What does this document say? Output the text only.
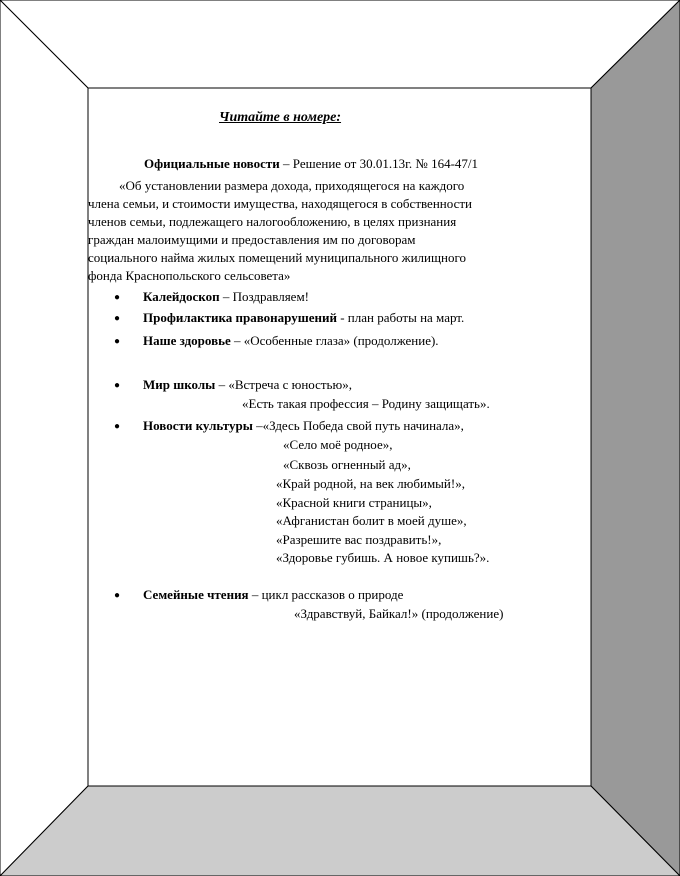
Читайте в номере:
Официальные новости – Решение от 30.01.13г. № 164-47/1
«Об установлении размера дохода, приходящегося на каждого
члена семьи, и стоимости имущества, находящегося в собственности
членов семьи, подлежащего налогообложению, в целях признания
граждан малоимущими и предоставления им по договорам
социального найма жилых помещений муниципального жилищного
фонда Краснопольского сельсовета»
● Калейдоскоп – Поздравляем!
● Профилактика правонарушений - план работы на март.
● Наше здоровье – «Особенные глаза» (продолжение).
● Мир школы – «Встреча с юностью»,
«Есть такая профессия – Родину защищать».
● Новости культуры –«Здесь Победа свой путь начинала»,
«Село моё родное»,
«Сквозь огненный ад»,
«Край родной, на век любимый!»,
«Красной книги страницы»,
«Афганистан болит в моей душе»,
«Разрешите вас поздравить!»,
«Здоровье губишь. А новое купишь?».
● Семейные чтения – цикл рассказов о природе
«Здравствуй, Байкал!» (продолжение)
